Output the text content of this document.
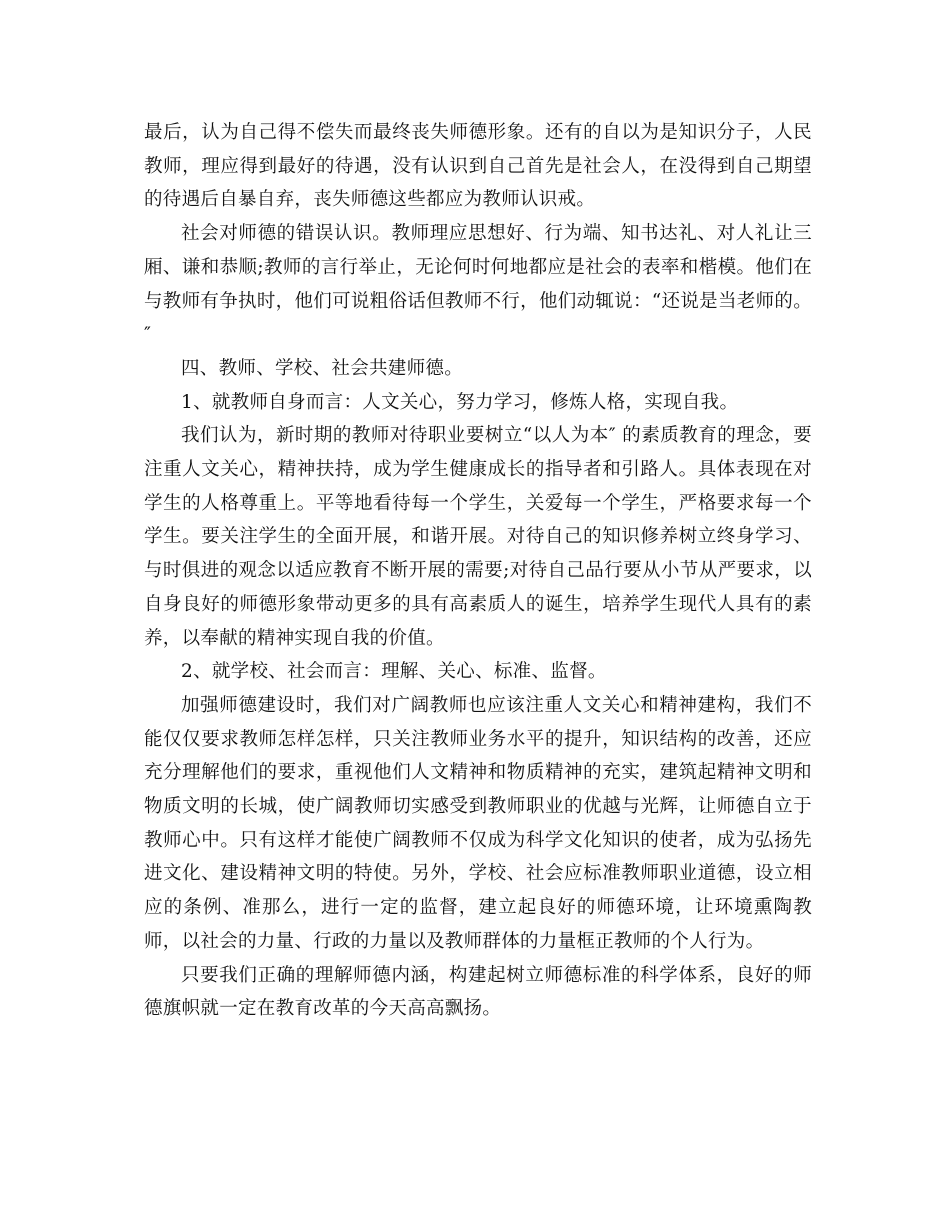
最后，认为自己得不偿失而最终丧失师德形象。还有的自以为是知识分子，人民教师，理应得到最好的待遇，没有认识到自己首先是社会人，在没得到自己期望的待遇后自暴自弃，丧失师德这些都应为教师认识戒。

社会对师德的错误认识。教师理应思想好、行为端、知书达礼、对人礼让三厢、谦和恭顺;教师的言行举止，无论何时何地都应是社会的表率和楷模。他们在与教师有争执时，他们可说粗俗话但教师不行，他们动辄说：“还说是当老师的。″

四、教师、学校、社会共建师德。

1、就教师自身而言：人文关心，努力学习，修炼人格，实现自我。

我们认为，新时期的教师对待职业要树立“以人为本″ 的素质教育的理念，要注重人文关心，精神扶持，成为学生健康成长的指导者和引路人。具体表现在对学生的人格尊重上。平等地看待每一个学生，关爱每一个学生，严格要求每一个学生。要关注学生的全面开展，和谐开展。对待自己的知识修养树立终身学习、与时俱进的观念以适应教育不断开展的需要;对待自己品行要从小节从严要求，以自身良好的师德形象带动更多的具有高素质人的诞生，培养学生现代人具有的素养，以奉献的精神实现自我的价值。

2、就学校、社会而言：理解、关心、标准、监督。

加强师德建设时，我们对广阔教师也应该注重人文关心和精神建构，我们不能仅仅要求教师怎样怎样，只关注教师业务水平的提升，知识结构的改善，还应充分理解他们的要求，重视他们人文精神和物质精神的充实，建筑起精神文明和物质文明的长城，使广阔教师切实感受到教师职业的优越与光辉，让师德自立于教师心中。只有这样才能使广阔教师不仅成为科学文化知识的使者，成为弘扬先进文化、建设精神文明的特使。另外，学校、社会应标准教师职业道德，设立相应的条例、准那么，进行一定的监督，建立起良好的师德环境，让环境熏陶教师，以社会的力量、行政的力量以及教师群体的力量框正教师的个人行为。

只要我们正确的理解师德内涵，构建起树立师德标准的科学体系，良好的师德旗帜就一定在教育改革的今天高高飘扬。
